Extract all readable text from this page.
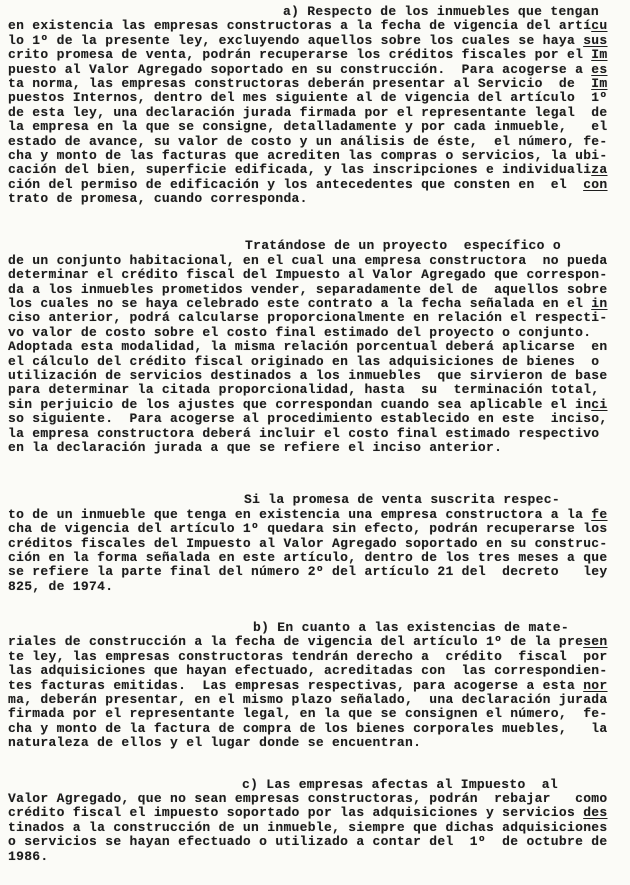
a) Respecto de los inmuebles que tengan
en existencia las empresas constructoras a la fecha de vigencia del artícu
lo 1º de la presente ley, excluyendo aquellos sobre los cuales se haya sus
crito promesa de venta, podrán recuperarse los créditos fiscales por el Im
puesto al Valor Agregado soportado en su construcción.  Para acogerse a es
ta norma, las empresas constructoras deberán presentar al Servicio  de  Im
puestos Internos, dentro del mes siguiente al de vigencia del artículo  1º
de esta ley, una declaración jurada firmada por el representante legal  de
la empresa en la que se consigne, detalladamente y por cada inmueble,   el
estado de avance, su valor de costo y un análisis de éste,  el número, fe-
cha y monto de las facturas que acrediten las compras o servicios, la ubi-
cación del bien, superficie edificada, y las inscripciones e individualiza
ción del permiso de edificación y los antecedentes que consten en  el  con
trato de promesa, cuando corresponda.
Tratándose de un proyecto  específico o
de un conjunto habitacional, en el cual una empresa constructora  no pueda
determinar el crédito fiscal del Impuesto al Valor Agregado que correspon-
da a los inmuebles prometidos vender, separadamente del de  aquellos sobre
los cuales no se haya celebrado este contrato a la fecha señalada en el in
ciso anterior, podrá calcularse proporcionalmente en relación el respecti-
vo valor de costo sobre el costo final estimado del proyecto o conjunto.
Adoptada esta modalidad, la misma relación porcentual deberá aplicarse  en
el cálculo del crédito fiscal originado en las adquisiciones de bienes  o
utilización de servicios destinados a los inmuebles  que sirvieron de base
para determinar la citada proporcionalidad, hasta  su  terminación total,
sin perjuicio de los ajustes que correspondan cuando sea aplicable el inci
so siguiente.  Para acogerse al procedimiento establecido en este  inciso,
la empresa constructora deberá incluir el costo final estimado respectivo
en la declaración jurada a que se refiere el inciso anterior.
Si la promesa de venta suscrita respec-
to de un inmueble que tenga en existencia una empresa constructora a la fe
cha de vigencia del artículo 1º quedara sin efecto, podrán recuperarse los
créditos fiscales del Impuesto al Valor Agregado soportado en su construc-
ción en la forma señalada en este artículo, dentro de los tres meses a que
se refiere la parte final del número 2º del artículo 21 del  decreto   ley
825, de 1974.
b) En cuanto a las existencias de mate-
riales de construcción a la fecha de vigencia del artículo 1º de la presen
te ley, las empresas constructoras tendrán derecho a  crédito  fiscal  por
las adquisiciones que hayan efectuado, acreditadas con  las correspondien-
tes facturas emitidas.  Las empresas respectivas, para acogerse a esta nor
ma, deberán presentar, en el mismo plazo señalado,  una declaración jurada
firmada por el representante legal, en la que se consignen el número,  fe-
cha y monto de la factura de compra de los bienes corporales muebles,   la
naturaleza de ellos y el lugar donde se encuentran.
c) Las empresas afectas al Impuesto  al
Valor Agregado, que no sean empresas constructoras, podrán  rebajar   como
crédito fiscal el impuesto soportado por las adquisiciones y servicios des
tinados a la construcción de un inmueble, siempre que dichas adquisiciones
o servicios se hayan efectuado o utilizado a contar del  1º  de octubre de
1986.
